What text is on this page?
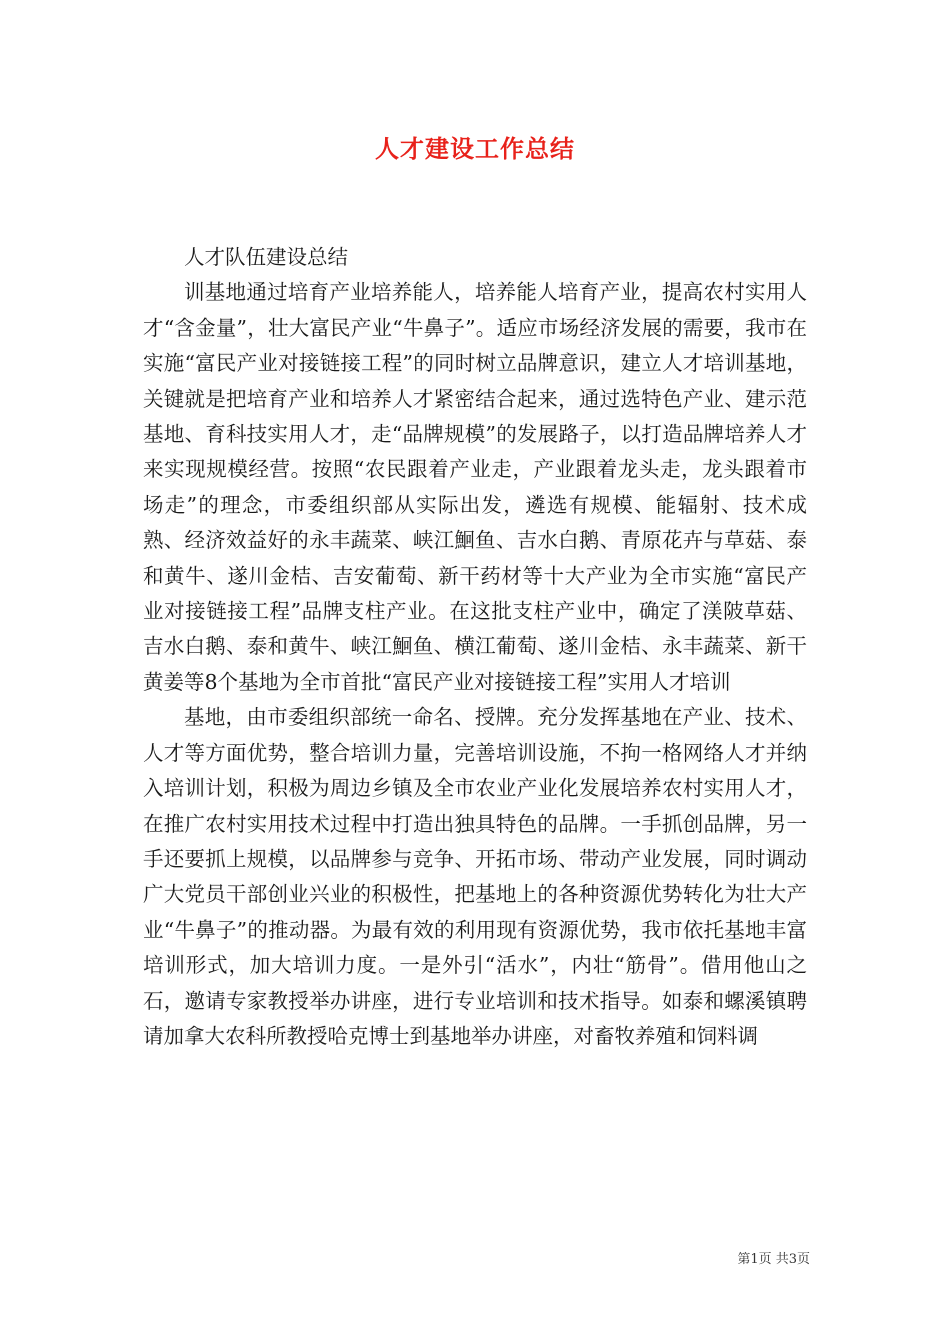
人才建设工作总结

人才队伍建设总结

训基地通过培育产业培养能人，培养能人培育产业，提高农村实用人才“含金量”，壮大富民产业“牛鼻子”。适应市场经济发展的需要，我市在实施“富民产业对接链接工程”的同时树立品牌意识，建立人才培训基地，关键就是把培育产业和培养人才紧密结合起来，通过选特色产业、建示范基地、育科技实用人才，走“品牌规模”的发展路子，以打造品牌培养人才来实现规模经营。按照“农民跟着产业走，产业跟着龙头走，龙头跟着市场走”的理念，市委组织部从实际出发，遴选有规模、能辐射、技术成熟、经济效益好的永丰蔬菜、峡江鮰鱼、吉水白鹅、青原花卉与草菇、泰和黄牛、遂川金桔、吉安葡萄、新干药材等十大产业为全市实施“富民产业对接链接工程”品牌支柱产业。在这批支柱产业中，确定了渼陂草菇、吉水白鹅、泰和黄牛、峡江鮰鱼、横江葡萄、遂川金桔、永丰蔬菜、新干黄姜等8个基地为全市首批“富民产业对接链接工程”实用人才培训

基地，由市委组织部统一命名、授牌。充分发挥基地在产业、技术、人才等方面优势，整合培训力量，完善培训设施，不拘一格网络人才并纳入培训计划，积极为周边乡镇及全市农业产业化发展培养农村实用人才，在推广农村实用技术过程中打造出独具特色的品牌。一手抓创品牌，另一手还要抓上规模，以品牌参与竞争、开拓市场、带动产业发展，同时调动广大党员干部创业兴业的积极性，把基地上的各种资源优势转化为壮大产业“牛鼻子”的推动器。为最有效的利用现有资源优势，我市依托基地丰富培训形式，加大培训力度。一是外引“活水”，内壮“筋骨”。借用他山之石，邀请专家教授举办讲座，进行专业培训和技术指导。如泰和螺溪镇聘请加拿大农科所教授哈克博士到基地举办讲座，对畜牧养殖和饲料调

第1页 共3页
